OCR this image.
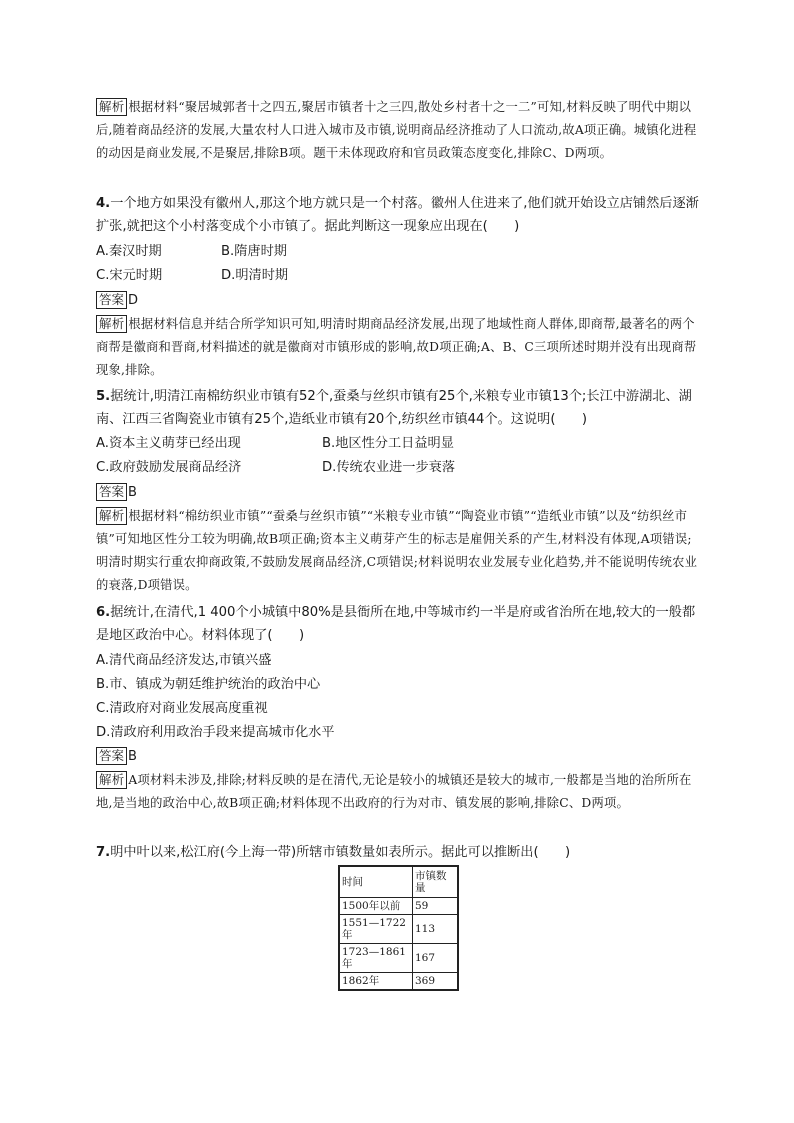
解析 根据材料“聚居城郭者十之四五,聚居市镇者十之三四,散处乡村者十之一二”可知,材料反映了明代中期以后,随着商品经济的发展,大量农村人口进入城市及市镇,说明商品经济推动了人口流动,故A项正确。城镇化进程的动因是商业发展,不是聚居,排除B项。题干未体现政府和官员政策态度变化,排除C、D两项。
4.一个地方如果没有徽州人,那这个地方就只是一个村落。徽州人住进来了,他们就开始设立店铺然后逐渐扩张,就把这个小村落变成个小市镇了。据此判断这一现象应出现在(　　)
A.秦汉时期	B.隋唐时期
C.宋元时期	D.明清时期
答案 D
解析 根据材料信息并结合所学知识可知,明清时期商品经济发展,出现了地域性商人群体,即商帮,最著名的两个商帮是徽商和晋商,材料描述的就是徽商对市镇形成的影响,故D项正确;A、B、C三项所述时期并没有出现商帮现象,排除。
5.据统计,明清江南棉纺织业市镇有52个,蚕桑与丝织市镇有25个,米粮专业市镇13个;长江中游湖北、湖南、江西三省陶瓷业市镇有25个,造纸业市镇有20个,纺织丝市镇44个。这说明(　　)
A.资本主义萌芽已经出现	B.地区性分工日益明显
C.政府鼓励发展商品经济	D.传统农业进一步衰落
答案 B
解析 根据材料“棉纺织业市镇”“蚕桑与丝织市镇”“米粮专业市镇”“陶瓷业市镇”“造纸业市镇”以及“纺织丝市镇”可知地区性分工较为明确,故B项正确;资本主义萌芽产生的标志是雇佣关系的产生,材料没有体现,A项错误;明清时期实行重农抑商政策,不鼓励发展商品经济,C项错误;材料说明农业发展专业化趋势,并不能说明传统农业的衰落,D项错误。
6.据统计,在清代,1 400个小城镇中80%是县衙所在地,中等城市约一半是府或省治所在地,较大的一般都是地区政治中心。材料体现了(　　)
A.清代商品经济发达,市镇兴盛
B.市、镇成为朝廷维护统治的政治中心
C.清政府对商业发展高度重视
D.清政府利用政治手段来提高城市化水平
答案 B
解析 A项材料未涉及,排除;材料反映的是在清代,无论是较小的城镇还是较大的城市,一般都是当地的治所所在地,是当地的政治中心,故B项正确;材料体现不出政府的行为对市、镇发展的影响,排除C、D两项。
7.明中叶以来,松江府(今上海一带)所辖市镇数量如表所示。据此可以推断出(　　)
时间	市镇数量
1500年以前	59
1551—1722年	113
1723—1861年	167
1862年	369
